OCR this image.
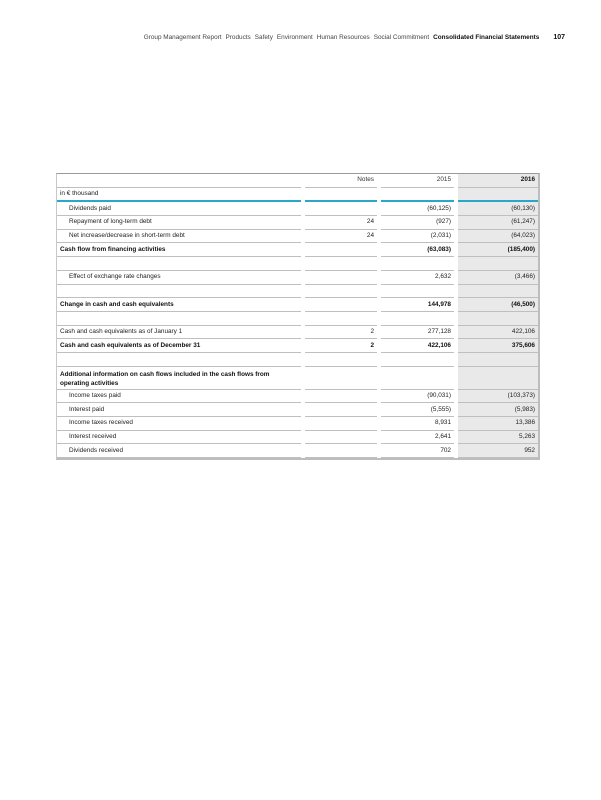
Group Management Report Products Safety Environment Human Resources Social Commitment Consolidated Financial Statements 107
	Notes	2015	2016
in € thousand			
Dividends paid		(60,125)	(60,130)
Repayment of long-term debt	24	(927)	(61,247)
Net increase/decrease in short-term debt	24	(2,031)	(64,023)
Cash flow from financing activities		(63,083)	(185,400)

Effect of exchange rate changes		2,632	(3,466)

Change in cash and cash equivalents		144,978	(46,500)

Cash and cash equivalents as of January 1	2	277,128	422,106
Cash and cash equivalents as of December 31	2	422,106	375,606

Additional information on cash flows included in the cash flows from operating activities			
Income taxes paid		(90,031)	(103,373)
Interest paid		(5,555)	(5,983)
Income taxes received		8,931	13,386
Interest received		2,641	5,263
Dividends received		702	952
